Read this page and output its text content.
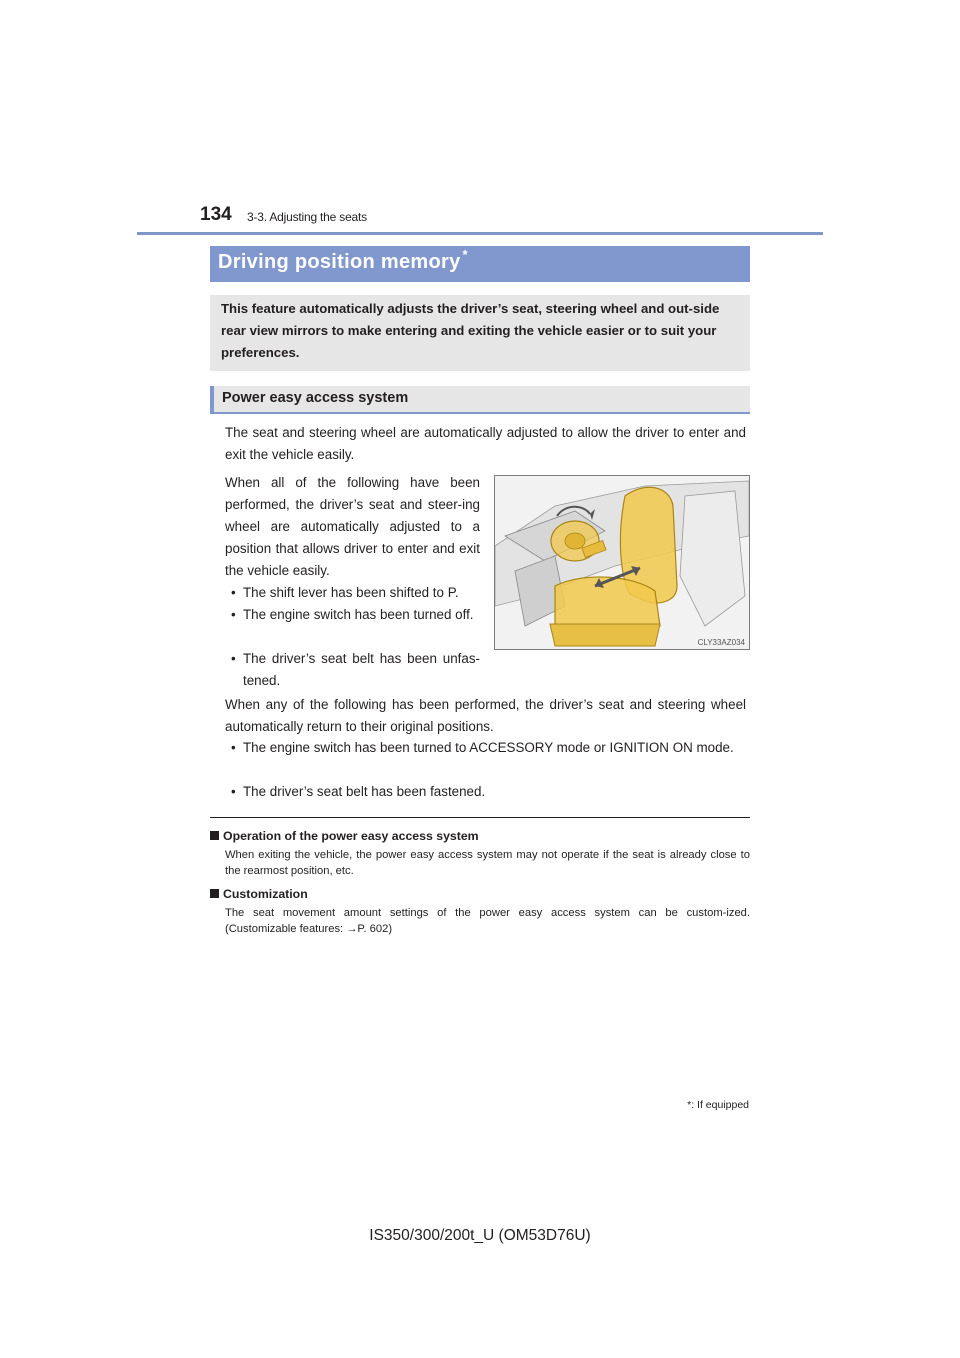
134 3-3. Adjusting the seats
Driving position memory *
This feature automatically adjusts the driver’s seat, steering wheel and out-side rear view mirrors to make entering and exiting the vehicle easier or to suit your preferences.
Power easy access system
The seat and steering wheel are automatically adjusted to allow the driver to enter and exit the vehicle easily.
When all of the following have been performed, the driver’s seat and steer-ing wheel are automatically adjusted to a position that allows driver to enter and exit the vehicle easily.
• The shift lever has been shifted to P.
• The engine switch has been turned off.
• The driver’s seat belt has been unfas-tened.
CLY33AZ034
When any of the following has been performed, the driver’s seat and steering wheel automatically return to their original positions.
• The engine switch has been turned to ACCESSORY mode or IGNITION ON mode.
• The driver’s seat belt has been fastened.
Operation of the power easy access system
When exiting the vehicle, the power easy access system may not operate if the seat is already close to the rearmost position, etc.
Customization
The seat movement amount settings of the power easy access system can be custom-ized. (Customizable features: →P. 602)
*: If equipped
IS350/300/200t_U (OM53D76U)
